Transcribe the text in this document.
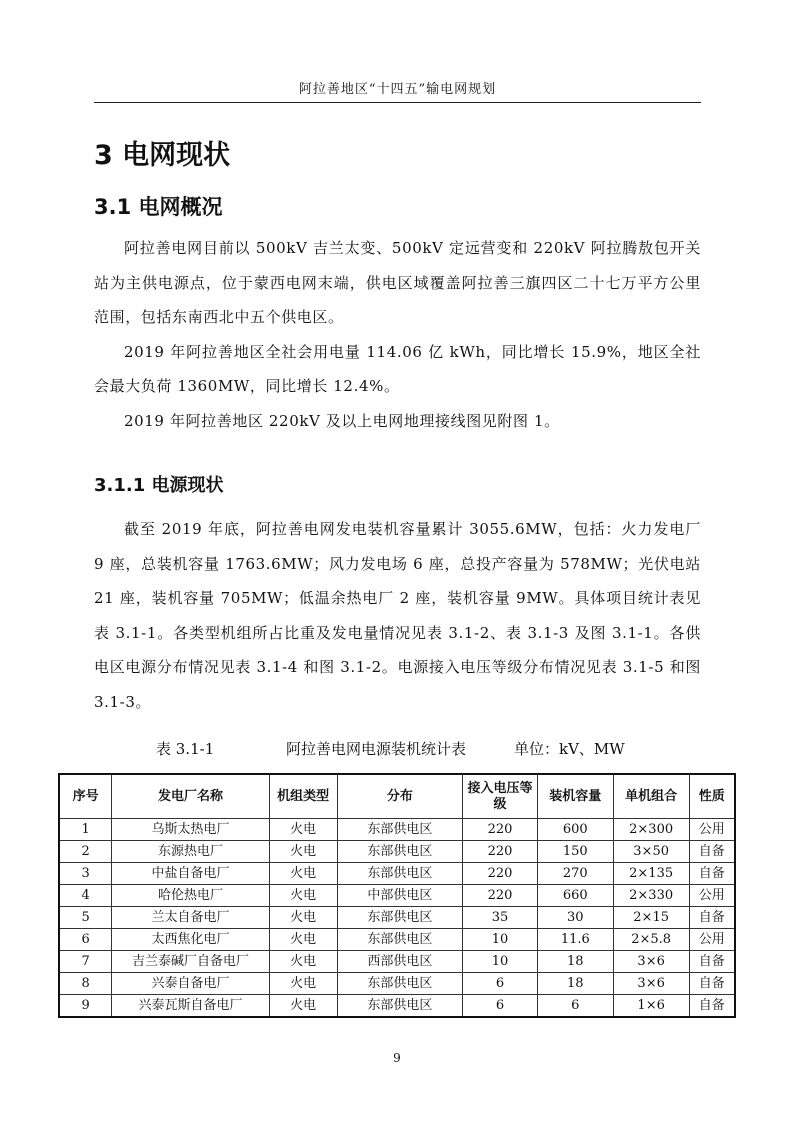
阿拉善地区“十四五”输电网规划
3 电网现状
3.1 电网概况

阿拉善电网目前以 500kV 吉兰太变、500kV 定远营变和 220kV 阿拉腾敖包开关站为主供电源点，位于蒙西电网末端，供电区域覆盖阿拉善三旗四区二十七万平方公里范围，包括东南西北中五个供电区。

2019 年阿拉善地区全社会用电量 114.06 亿 kWh，同比增长 15.9%，地区全社会最大负荷 1360MW，同比增长 12.4%。

2019 年阿拉善地区 220kV 及以上电网地理接线图见附图 1。

3.1.1 电源现状

截至 2019 年底，阿拉善电网发电装机容量累计 3055.6MW，包括：火力发电厂 9 座，总装机容量 1763.6MW；风力发电场 6 座，总投产容量为 578MW；光伏电站 21 座，装机容量 705MW；低温余热电厂 2 座，装机容量 9MW。具体项目统计表见表 3.1-1。各类型机组所占比重及发电量情况见表 3.1-2、表 3.1-3 及图 3.1-1。各供电区电源分布情况见表 3.1-4 和图 3.1-2。电源接入电压等级分布情况见表 3.1-5 和图 3.1-3。

表 3.1-1	阿拉善电网电源装机统计表	单位：kV、MW
序号	发电厂名称	机组类型	分布	接入电压等级	装机容量	单机组合	性质
1	乌斯太热电厂	火电	东部供电区	220	600	2×300	公用
2	东源热电厂	火电	东部供电区	220	150	3×50	自备
3	中盐自备电厂	火电	东部供电区	220	270	2×135	自备
4	哈伦热电厂	火电	中部供电区	220	660	2×330	公用
5	兰太自备电厂	火电	东部供电区	35	30	2×15	自备
6	太西焦化电厂	火电	东部供电区	10	11.6	2×5.8	公用
7	吉兰泰碱厂自备电厂	火电	西部供电区	10	18	3×6	自备
8	兴泰自备电厂	火电	东部供电区	6	18	3×6	自备
9	兴泰瓦斯自备电厂	火电	东部供电区	6	6	1×6	自备
9
